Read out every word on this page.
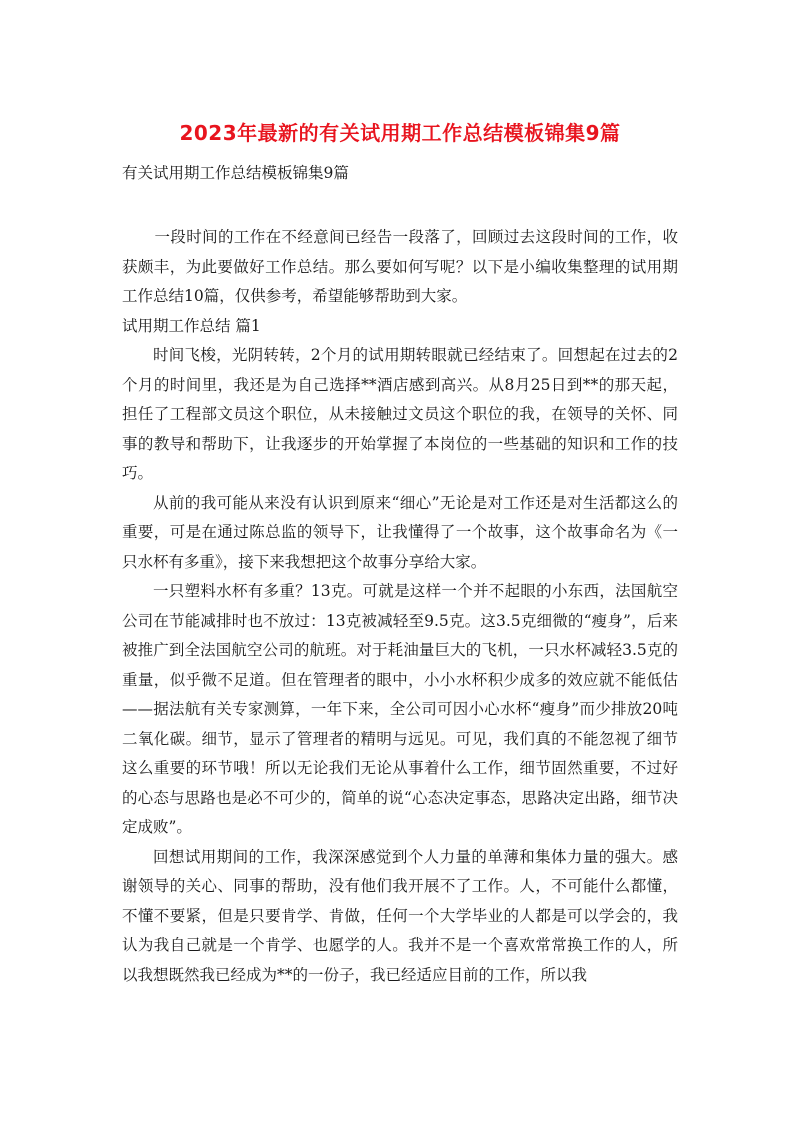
2023年最新的有关试用期工作总结模板锦集9篇
有关试用期工作总结模板锦集9篇

一段时间的工作在不经意间已经告一段落了，回顾过去这段时间的工作，收获颇丰，为此要做好工作总结。那么要如何写呢？以下是小编收集整理的试用期工作总结10篇，仅供参考，希望能够帮助到大家。

试用期工作总结 篇1

时间飞梭，光阴转转，2个月的试用期转眼就已经结束了。回想起在过去的2个月的时间里，我还是为自己选择**酒店感到高兴。从8月25日到**的那天起，担任了工程部文员这个职位，从未接触过文员这个职位的我，在领导的关怀、同事的教导和帮助下，让我逐步的开始掌握了本岗位的一些基础的知识和工作的技巧。

从前的我可能从来没有认识到原来“细心”无论是对工作还是对生活都这么的重要，可是在通过陈总监的领导下，让我懂得了一个故事，这个故事命名为《一只水杯有多重》，接下来我想把这个故事分享给大家。

一只塑料水杯有多重？13克。可就是这样一个并不起眼的小东西，法国航空公司在节能减排时也不放过：13克被减轻至9.5克。这3.5克细微的“瘦身”，后来被推广到全法国航空公司的航班。对于耗油量巨大的飞机，一只水杯减轻3.5克的重量，似乎微不足道。但在管理者的眼中，小小水杯积少成多的效应就不能低估——据法航有关专家测算，一年下来，全公司可因小心水杯“瘦身”而少排放20吨二氧化碳。细节，显示了管理者的精明与远见。可见，我们真的不能忽视了细节这么重要的环节哦！所以无论我们无论从事着什么工作，细节固然重要，不过好的心态与思路也是必不可少的，简单的说“心态决定事态，思路决定出路，细节决定成败”。

回想试用期间的工作，我深深感觉到个人力量的单薄和集体力量的强大。感谢领导的关心、同事的帮助，没有他们我开展不了工作。人，不可能什么都懂，不懂不要紧，但是只要肯学、肯做，任何一个大学毕业的人都是可以学会的，我认为我自己就是一个肯学、也愿学的人。我并不是一个喜欢常常换工作的人，所以我想既然我已经成为**的一份子，我已经适应目前的工作，所以我
